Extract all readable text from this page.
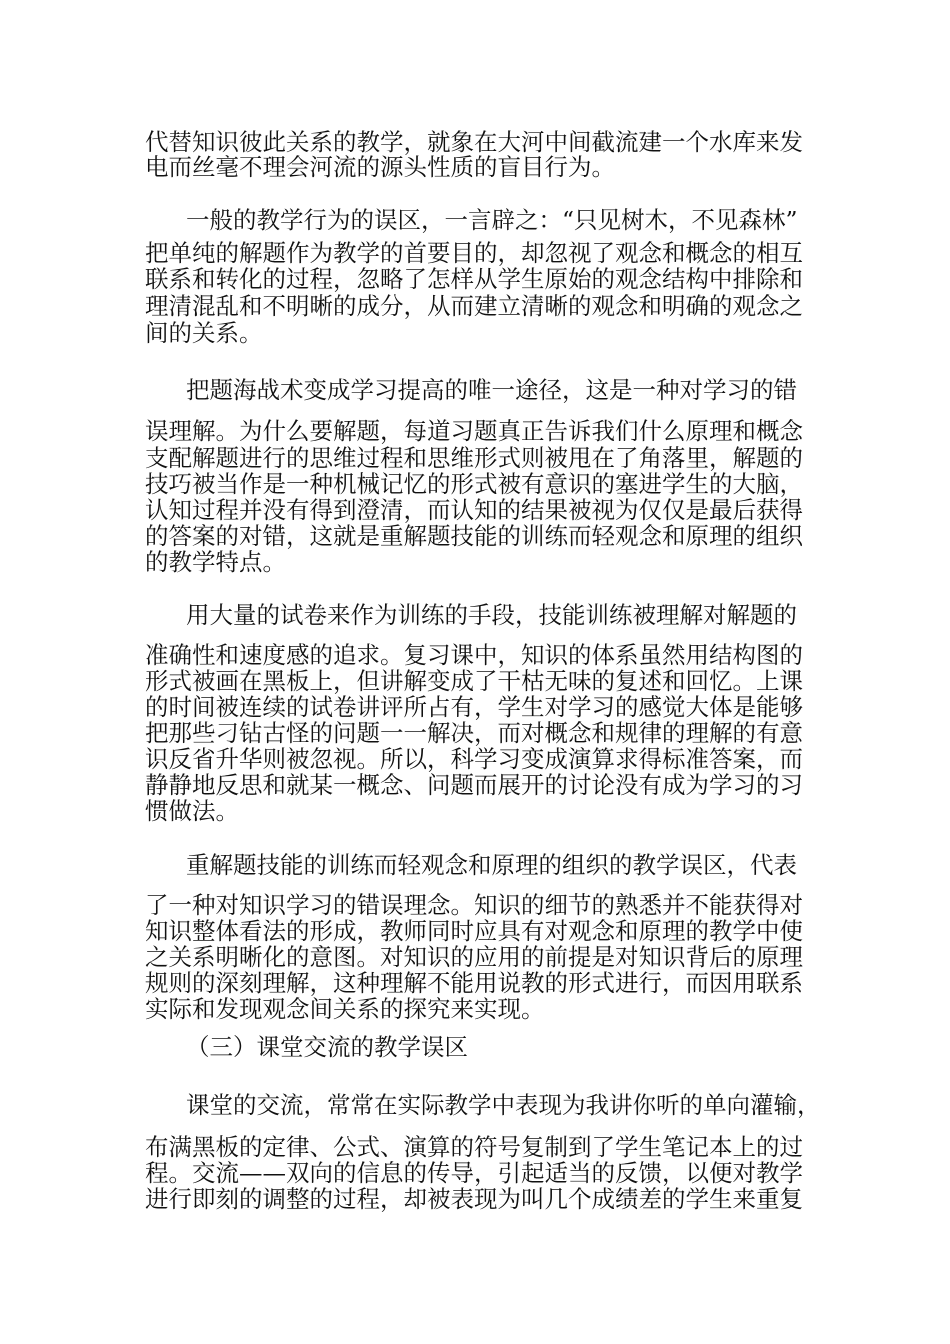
代替知识彼此关系的教学，就象在大河中间截流建一个水库来发
电而丝毫不理会河流的源头性质的盲目行为。
一般的教学行为的误区，一言辟之：“只见树木，不见森林”
把单纯的解题作为教学的首要目的，却忽视了观念和概念的相互
联系和转化的过程，忽略了怎样从学生原始的观念结构中排除和
理清混乱和不明晰的成分，从而建立清晰的观念和明确的观念之
间的关系。
把题海战术变成学习提高的唯一途径，这是一种对学习的错
误理解。为什么要解题，每道习题真正告诉我们什么原理和概念
支配解题进行的思维过程和思维形式则被甩在了角落里，解题的
技巧被当作是一种机械记忆的形式被有意识的塞进学生的大脑，
认知过程并没有得到澄清，而认知的结果被视为仅仅是最后获得
的答案的对错，这就是重解题技能的训练而轻观念和原理的组织
的教学特点。
用大量的试卷来作为训练的手段，技能训练被理解对解题的
准确性和速度感的追求。复习课中，知识的体系虽然用结构图的
形式被画在黑板上，但讲解变成了干枯无味的复述和回忆。上课
的时间被连续的试卷讲评所占有，学生对学习的感觉大体是能够
把那些刁钻古怪的问题一一解决，而对概念和规律的理解的有意
识反省升华则被忽视。所以，科学习变成演算求得标准答案，而
静静地反思和就某一概念、问题而展开的讨论没有成为学习的习
惯做法。
重解题技能的训练而轻观念和原理的组织的教学误区，代表
了一种对知识学习的错误理念。知识的细节的熟悉并不能获得对
知识整体看法的形成，教师同时应具有对观念和原理的教学中使
之关系明晰化的意图。对知识的应用的前提是对知识背后的原理
规则的深刻理解，这种理解不能用说教的形式进行，而因用联系
实际和发现观念间关系的探究来实现。
（三）课堂交流的教学误区
课堂的交流，常常在实际教学中表现为我讲你听的单向灌输，
布满黑板的定律、公式、演算的符号复制到了学生笔记本上的过
程。交流——双向的信息的传导，引起适当的反馈，以便对教学
进行即刻的调整的过程，却被表现为叫几个成绩差的学生来重复
